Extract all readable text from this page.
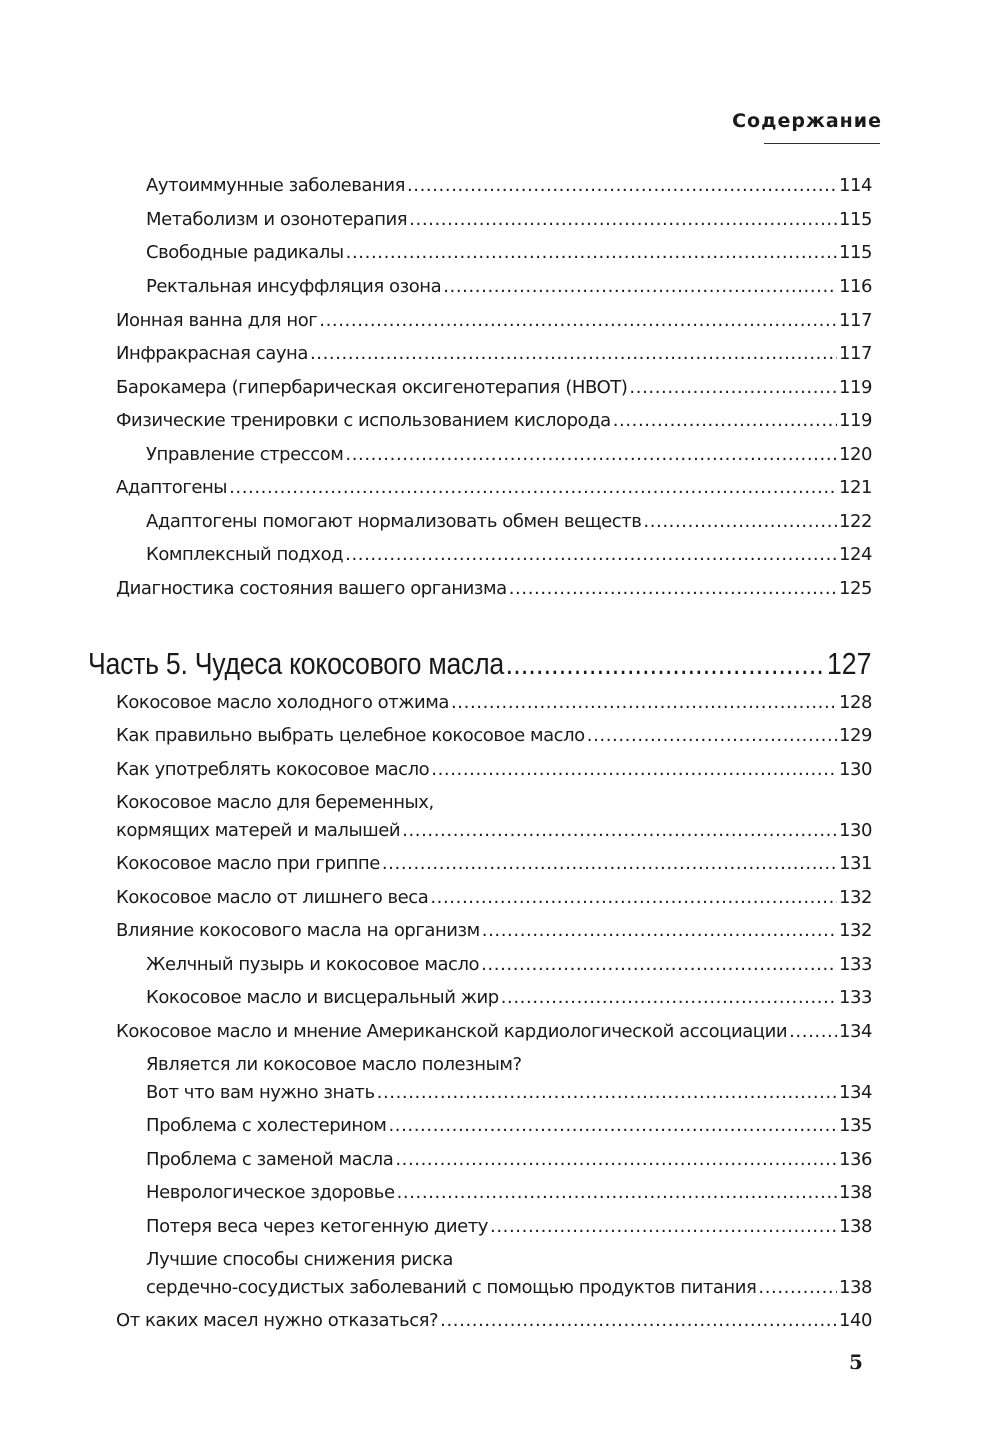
Содержание
Аутоиммунные заболевания .....	114
Метаболизм и озонотерапия .....	115
Свободные радикалы .....	115
Ректальная инсуффляция озона .....	116
Ионная ванна для ног .....	117
Инфракрасная сауна .....	117
Барокамера (гипербарическая оксигенотерапия (HBOT) .....	119
Физические тренировки с использованием кислорода .....	119
Управление стрессом .....	120
Адаптогены .....	121
Адаптогены помогают нормализовать обмен веществ .....	122
Комплексный подход .....	124
Диагностика состояния вашего организма .....	125
Часть 5. Чудеса кокосового масла .....	127
Кокосовое масло холодного отжима .....	128
Как правильно выбрать целебное кокосовое масло .....	129
Как употреблять кокосовое масло .....	130
Кокосовое масло для беременных,
кормящих матерей и малышей .....	130
Кокосовое масло при гриппе .....	131
Кокосовое масло от лишнего веса .....	132
Влияние кокосового масла на организм .....	132
Желчный пузырь и кокосовое масло .....	133
Кокосовое масло и висцеральный жир .....	133
Кокосовое масло и мнение Американской кардиологической ассоциации .....	134
Является ли кокосовое масло полезным?
Вот что вам нужно знать .....	134
Проблема с холестерином .....	135
Проблема с заменой масла .....	136
Неврологическое здоровье .....	138
Потеря веса через кетогенную диету .....	138
Лучшие способы снижения риска
сердечно-сосудистых заболеваний с помощью продуктов питания .....	138
От каких масел нужно отказаться? .....	140
5
